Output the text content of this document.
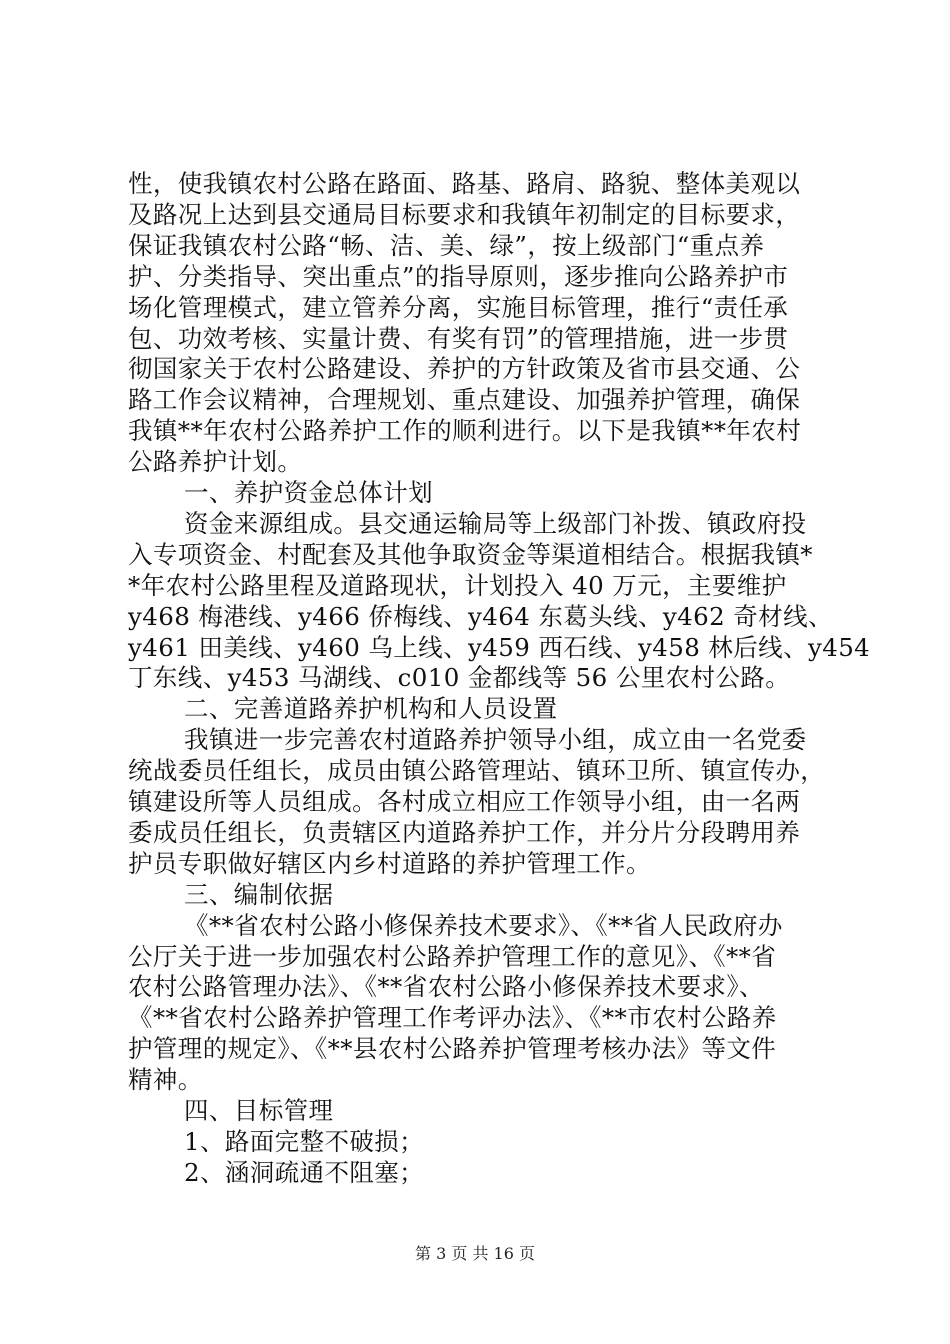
性，使我镇农村公路在路面、路基、路肩、路貌、整体美观以
及路况上达到县交通局目标要求和我镇年初制定的目标要求，
保证我镇农村公路“畅、洁、美、绿”，按上级部门“重点养
护、分类指导、突出重点”的指导原则，逐步推向公路养护市
场化管理模式，建立管养分离，实施目标管理，推行“责任承
包、功效考核、实量计费、有奖有罚”的管理措施，进一步贯
彻国家关于农村公路建设、养护的方针政策及省市县交通、公
路工作会议精神，合理规划、重点建设、加强养护管理，确保
我镇**年农村公路养护工作的顺利进行。以下是我镇**年农村
公路养护计划。
一、养护资金总体计划
资金来源组成。县交通运输局等上级部门补拨、镇政府投
入专项资金、村配套及其他争取资金等渠道相结合。根据我镇*
*年农村公路里程及道路现状，计划投入 40 万元，主要维护
y468 梅港线、y466 侨梅线、y464 东葛头线、y462 奇材线、
y461 田美线、y460 乌上线、y459 西石线、y458 林后线、y454
丁东线、y453 马湖线、c010 金都线等 56 公里农村公路。
二、完善道路养护机构和人员设置
我镇进一步完善农村道路养护领导小组，成立由一名党委
统战委员任组长，成员由镇公路管理站、镇环卫所、镇宣传办，
镇建设所等人员组成。各村成立相应工作领导小组，由一名两
委成员任组长，负责辖区内道路养护工作，并分片分段聘用养
护员专职做好辖区内乡村道路的养护管理工作。
三、编制依据
《**省农村公路小修保养技术要求》、《**省人民政府办
公厅关于进一步加强农村公路养护管理工作的意见》、《**省
农村公路管理办法》、《**省农村公路小修保养技术要求》、
《**省农村公路养护管理工作考评办法》、《**市农村公路养
护管理的规定》、《**县农村公路养护管理考核办法》等文件
精神。
四、目标管理
1、路面完整不破损；
2、涵洞疏通不阻塞；
第 3 页 共 16 页
